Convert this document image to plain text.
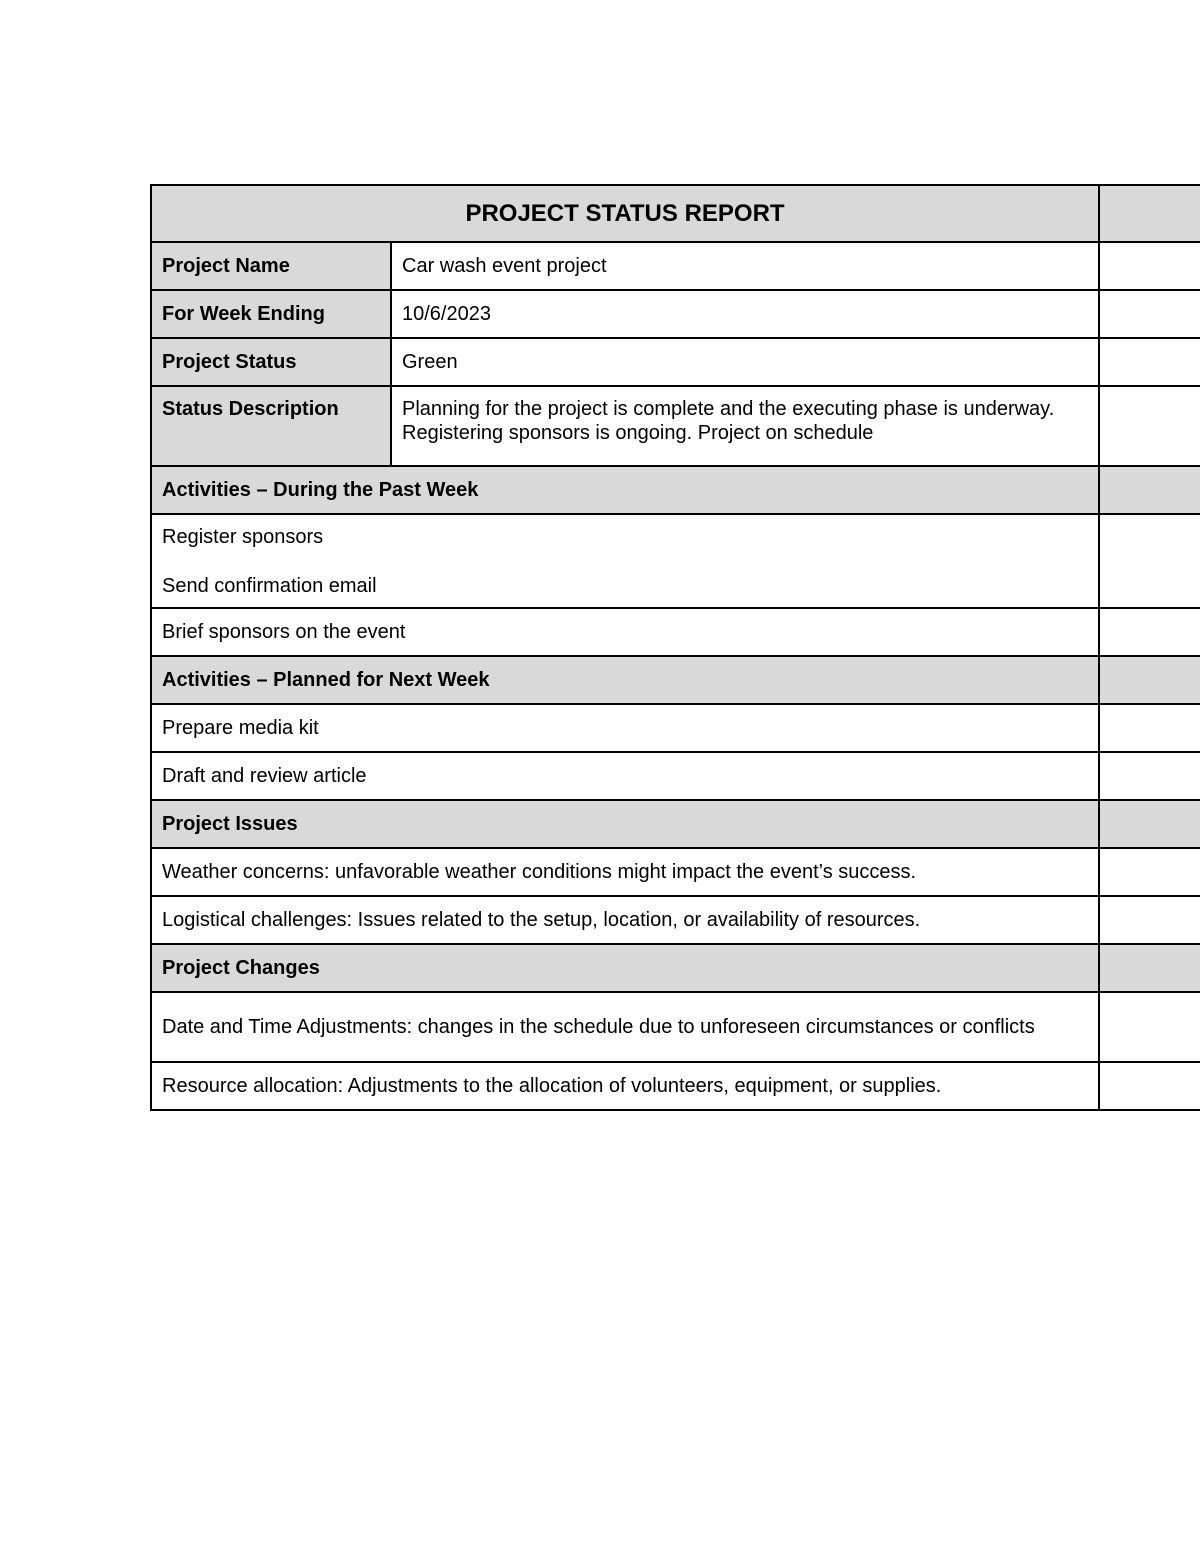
PROJECT STATUS REPORT		
Project Name	Car wash event project	
For Week Ending	10/6/2023	
Project Status	Green	
Status Description	Planning for the project is complete and the executing phase is underway. Registering sponsors is ongoing. Project on schedule	
Activities – During the Past Week		

Register sponsors
Send confirmation email		

Brief sponsors on the event		
Activities – Planned for Next Week		
Prepare media kit		
Draft and review article		
Project Issues		
Weather concerns: unfavorable weather conditions might impact the event’s success.		
Logistical challenges: Issues related to the setup, location, or availability of resources.		
Project Changes		
Date and Time Adjustments: changes in the schedule due to unforeseen circumstances or conflicts		
Resource allocation: Adjustments to the allocation of volunteers, equipment, or supplies.		
